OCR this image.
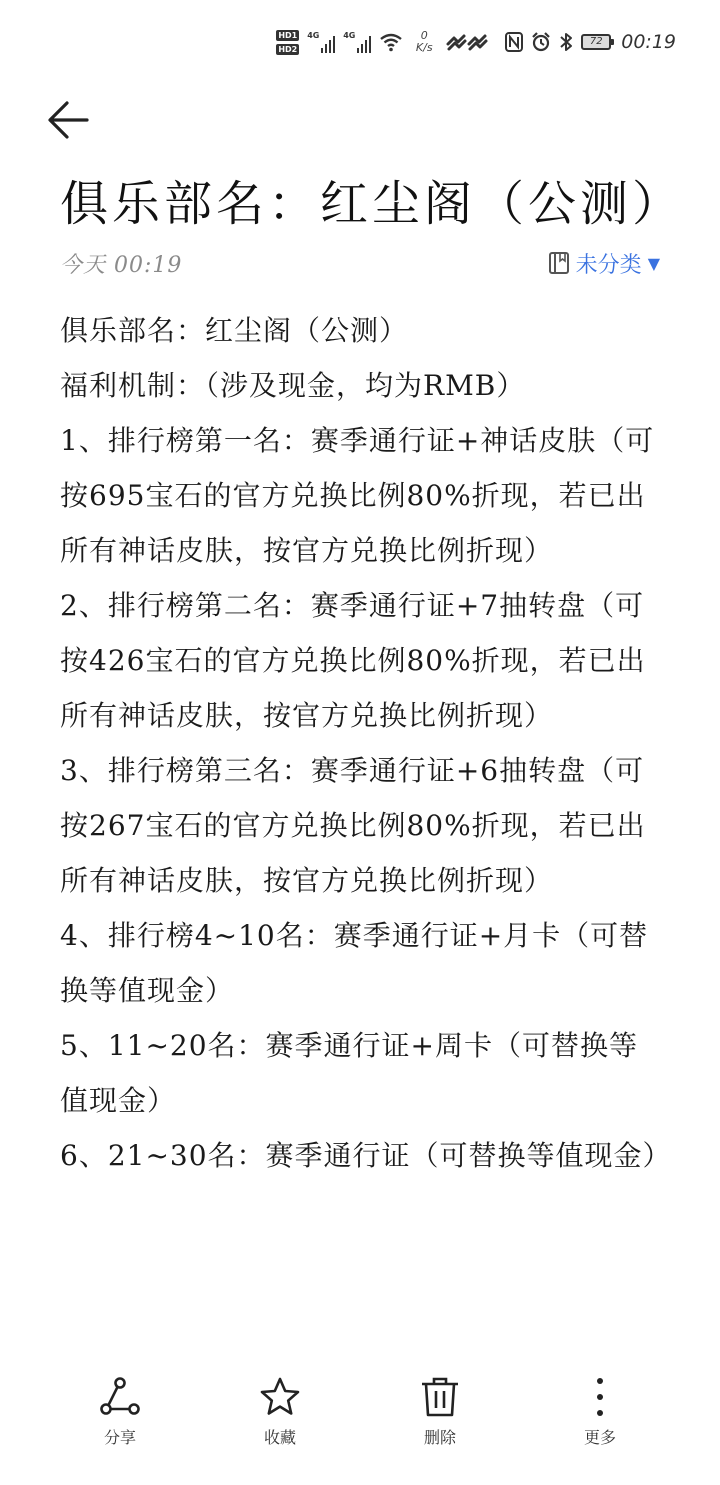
HD1
HD2
4G	4G	0
K/s	72 00:19
俱乐部名：红尘阁（公测）
今天 00:19	未分类 ▼

俱乐部名：红尘阁（公测）

福利机制：（涉及现金，均为RMB）

1、排行榜第一名：赛季通行证+神话皮肤（可按695宝石的官方兑换比例80%折现，若已出所有神话皮肤，按官方兑换比例折现）

2、排行榜第二名：赛季通行证+7抽转盘（可按426宝石的官方兑换比例80%折现，若已出所有神话皮肤，按官方兑换比例折现）

3、排行榜第三名：赛季通行证+6抽转盘（可按267宝石的官方兑换比例80%折现，若已出所有神话皮肤，按官方兑换比例折现）

4、排行榜4~10名：赛季通行证+月卡（可替换等值现金）

5、11~20名：赛季通行证+周卡（可替换等值现金）

6、21~30名：赛季通行证（可替换等值现金）

分享	收藏	删除	更多
